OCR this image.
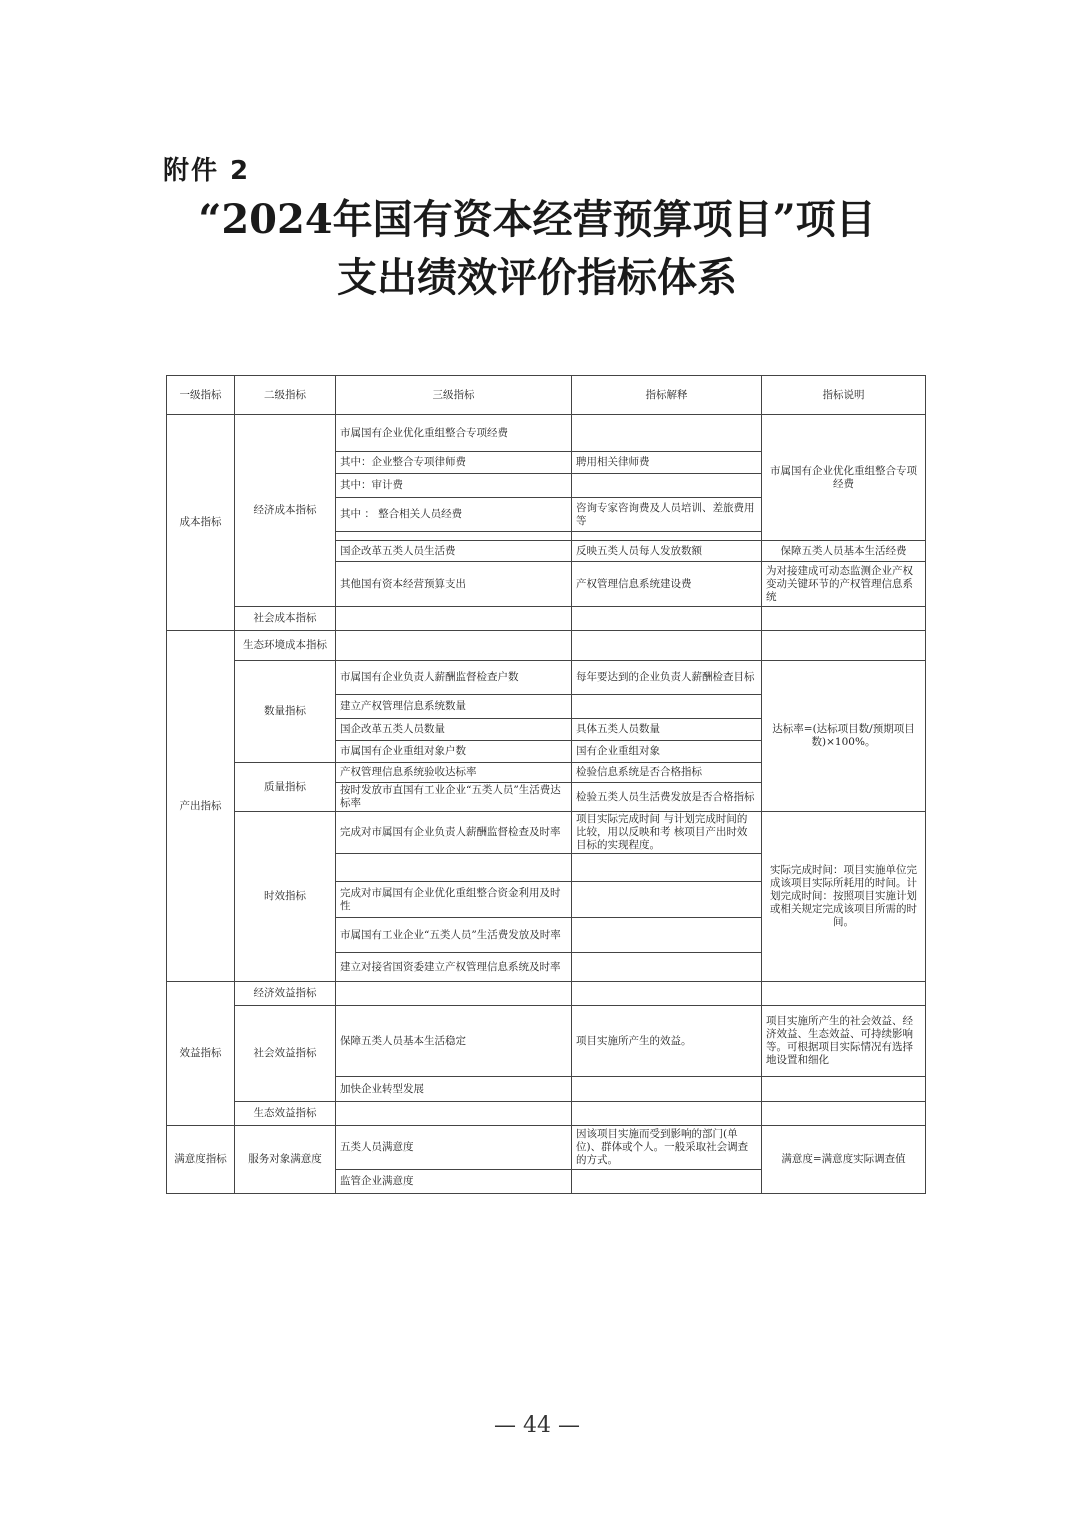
附件 2
“2024年国有资本经营预算项目”项目
支出绩效评价指标体系
一级指标	二级指标	三级指标	指标解释	指标说明
成本指标	经济成本指标	市属国有企业优化重组整合专项经费		市属国有企业优化重组整合专项经费
		其中：企业整合专项律师费	聘用相关律师费	
		其中：审计费		
		其中 ： 整合相关人员经费	咨询专家咨询费及人员培训、差旅费用等	

		国企改革五类人员生活费	反映五类人员每人发放数额	保障五类人员基本生活经费
		其他国有资本经营预算支出	产权管理信息系统建设费	为对接建成可动态监测企业产权变动关键环节的产权管理信息系统
	社会成本指标			
产出指标	生态环境成本指标			
	数量指标	市属国有企业负责人薪酬监督检查户数	每年要达到的企业负责人薪酬检查目标	达标率=(达标项目数/预期项目数)×100%。
		建立产权管理信息系统数量		
		国企改革五类人员数量	具体五类人员数量	
		市属国有企业重组对象户数	国有企业重组对象	
	质量指标	产权管理信息系统验收达标率	检验信息系统是否合格指标	
		按时发放市直国有工业企业“五类人员”生活费达标率	检验五类人员生活费发放是否合格指标	
	时效指标	完成对市属国有企业负责人薪酬监督检查及时率	项目实际完成时间 与计划完成时间的比较，用以反映和考 核项目产出时效目标的实现程度。	实际完成时间：项目实施单位完成该项目实际所耗用的时间。计划完成时间：按照项目实施计划或相关规定完成该项目所需的时间。

		完成对市属国有企业优化重组整合资金利用及时性		
		市属国有工业企业“五类人员”生活费发放及时率		
		建立对接省国资委建立产权管理信息系统及时率		
效益指标	经济效益指标			
	社会效益指标	保障五类人员基本生活稳定	项目实施所产生的效益。	项目实施所产生的社会效益、经济效益、生态效益、可持续影响等。可根据项目实际情况有选择地设置和细化
		加快企业转型发展		
	生态效益指标			
满意度指标	服务对象满意度	五类人员满意度	因该项目实施而受到影响的部门(单位)、群体或个人。一般采取社会调查的方式。	满意度=满意度实际调查值
		监管企业满意度		
— 44 —
